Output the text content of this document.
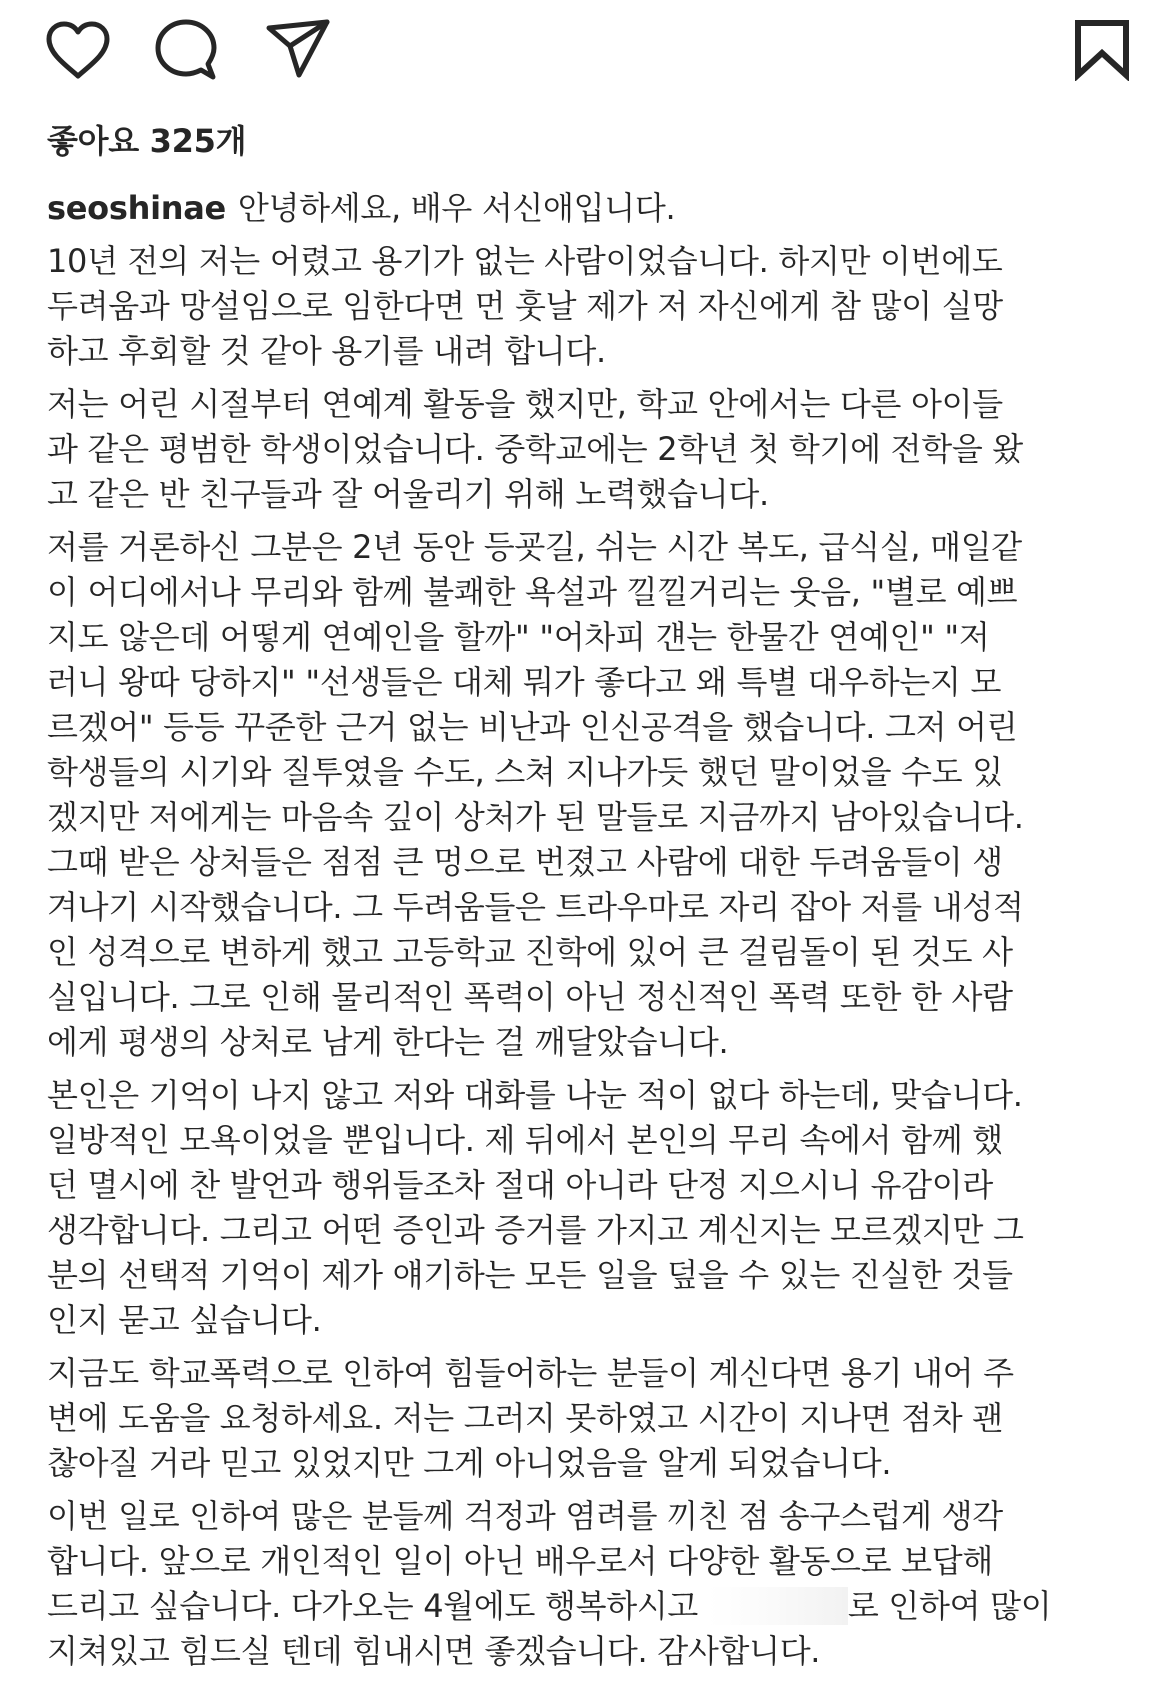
좋아요 325개

seoshinae 안녕하세요, 배우 서신애입니다.

10년 전의 저는 어렸고 용기가 없는 사람이었습니다. 하지만 이번에도
두려움과 망설임으로 임한다면 먼 훗날 제가 저 자신에게 참 많이 실망
하고 후회할 것 같아 용기를 내려 합니다.

저는 어린 시절부터 연예계 활동을 했지만, 학교 안에서는 다른 아이들
과 같은 평범한 학생이었습니다. 중학교에는 2학년 첫 학기에 전학을 왔
고 같은 반 친구들과 잘 어울리기 위해 노력했습니다.

저를 거론하신 그분은 2년 동안 등굣길, 쉬는 시간 복도, 급식실, 매일같
이 어디에서나 무리와 함께 불쾌한 욕설과 낄낄거리는 웃음, "별로 예쁘
지도 않은데 어떻게 연예인을 할까" "어차피 걘는 한물간 연예인" "저
러니 왕따 당하지" "선생들은 대체 뭐가 좋다고 왜 특별 대우하는지 모
르겠어" 등등 꾸준한 근거 없는 비난과 인신공격을 했습니다. 그저 어린
학생들의 시기와 질투였을 수도, 스쳐 지나가듯 했던 말이었을 수도 있
겠지만 저에게는 마음속 깊이 상처가 된 말들로 지금까지 남아있습니다.
그때 받은 상처들은 점점 큰 멍으로 번졌고 사람에 대한 두려움들이 생
겨나기 시작했습니다. 그 두려움들은 트라우마로 자리 잡아 저를 내성적
인 성격으로 변하게 했고 고등학교 진학에 있어 큰 걸림돌이 된 것도 사
실입니다. 그로 인해 물리적인 폭력이 아닌 정신적인 폭력 또한 한 사람
에게 평생의 상처로 남게 한다는 걸 깨달았습니다.

본인은 기억이 나지 않고 저와 대화를 나눈 적이 없다 하는데, 맞습니다.
일방적인 모욕이었을 뿐입니다. 제 뒤에서 본인의 무리 속에서 함께 했
던 멸시에 찬 발언과 행위들조차 절대 아니라 단정 지으시니 유감이라
생각합니다. 그리고 어떤 증인과 증거를 가지고 계신지는 모르겠지만 그
분의 선택적 기억이 제가 얘기하는 모든 일을 덮을 수 있는 진실한 것들
인지 묻고 싶습니다.

지금도 학교폭력으로 인하여 힘들어하는 분들이 계신다면 용기 내어 주
변에 도움을 요청하세요. 저는 그러지 못하였고 시간이 지나면 점차 괜
찮아질 거라 믿고 있었지만 그게 아니었음을 알게 되었습니다.

이번 일로 인하여 많은 분들께 걱정과 염려를 끼친 점 송구스럽게 생각
합니다. 앞으로 개인적인 일이 아닌 배우로서 다양한 활동으로 보답해
드리고 싶습니다. 다가오는 4월에도 행복하시고	로 인하여 많이
지쳐있고 힘드실 텐데 힘내시면 좋겠습니다. 감사합니다.
